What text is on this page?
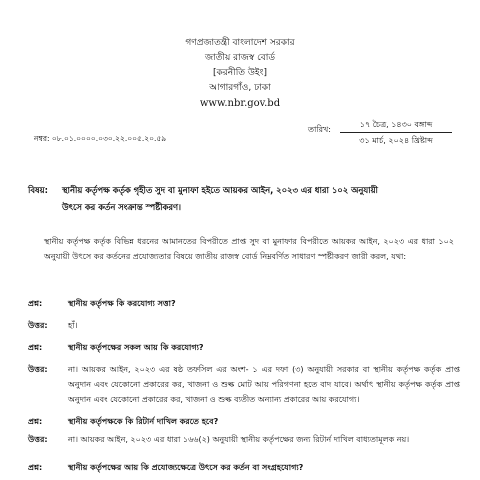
গণপ্রজাতন্ত্রী বাংলাদেশ সরকার
জাতীয় রাজস্ব বোর্ড
[করনীতি উইং]
আগারগাঁও, ঢাকা
www.nbr.gov.bd
নম্বর: ০৮.০১.০০০০.০৩০.২২.০০৫.২০.৫৯
তারিখ:
১৭ চৈত্র, ১৪৩০ বঙ্গাব্দ
৩১ মার্চ, ২০২৪ খ্রিষ্টাব্দ
বিষয়: স্থানীয় কর্তৃপক্ষ কর্তৃক গৃহীত সুদ বা মুনাফা হইতে আয়কর আইন, ২০২৩ এর ধারা ১০২ অনুযায়ী
উৎসে কর কর্তন সংক্রান্ত স্পষ্টীকরণ।
স্থানীয় কর্তৃপক্ষ কর্তৃক বিভিন্ন ধরনের আমানতের বিপরীতে প্রাপ্ত সুদ বা মুনাফার বিপরীতে আয়কর আইন, ২০২৩ এর ধারা ১০২ অনুযায়ী উৎসে কর কর্তনের প্রযোজ্যতার বিষয়ে জাতীয় রাজস্ব বোর্ড নিম্নবর্ণিত সাধারণ স্পষ্টীকরণ জারী করল, যথা:
প্রশ্ন:	স্থানীয় কর্তৃপক্ষ কি করযোগ্য সত্তা?
উত্তর:	হাঁ।
প্রশ্ন:	স্থানীয় কর্তৃপক্ষের সকল আয় কি করযোগ্য?
উত্তর:	না। আয়কর আইন, ২০২৩ এর ষষ্ঠ তফসিল এর অংশ- ১ এর দফা (৩) অনুযায়ী সরকার বা স্থানীয় কর্তৃপক্ষ কর্তৃক প্রাপ্ত অনুদান এবং যেকোনো প্রকারের কর, খাজনা ও শুল্ক মোট আয় পরিগণনা হতে বাদ যাবে। অর্থাৎ স্থানীয় কর্তৃপক্ষ কর্তৃক প্রাপ্ত অনুদান এবং যেকোনো প্রকারের কর, খাজনা ও শুল্ক ব্যতীত অন্যান্য প্রকারের আয় করযোগ্য।
প্রশ্ন:	স্থানীয় কর্তৃপক্ষকে কি রিটার্ন দাখিল করতে হবে?
উত্তর:	না। আয়কর আইন, ২০২৩ এর ধারা ১৬৬(২) অনুযায়ী স্থানীয় কর্তৃপক্ষের জন্য রিটার্ন দাখিল বাধ্যতামূলক নয়।
প্রশ্ন:	স্থানীয় কর্তৃপক্ষের আয় কি প্রযোজ্যক্ষেত্রে উৎসে কর কর্তন বা সংগ্রহযোগ্য?
